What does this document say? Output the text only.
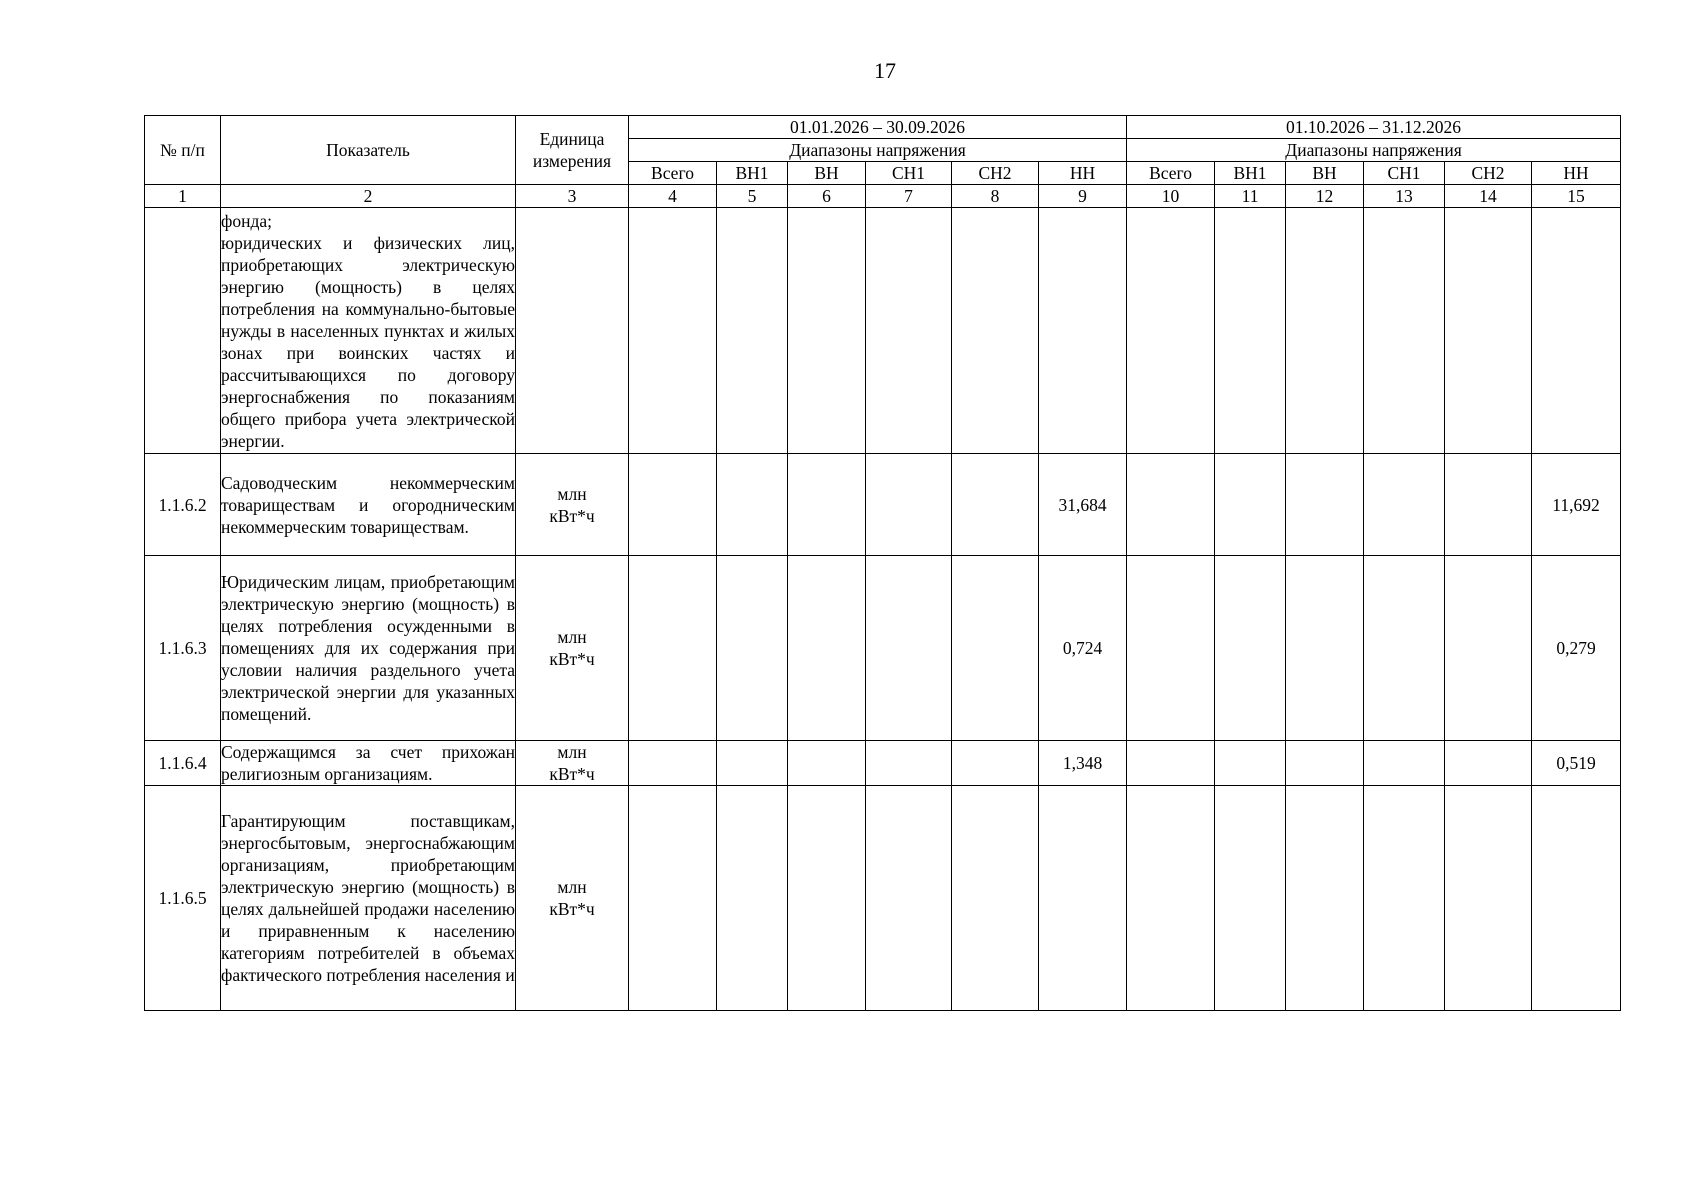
17
№ п/п	Показатель	Единица измерения	01.01.2026 – 30.09.2026						01.10.2026 – 31.12.2026					
			Диапазоны напряжения						Диапазоны напряжения					
			Всего	ВН1	ВН	СН1	СН2	НН	Всего	ВН1	ВН	СН1	СН2	НН
1	2	3	4	5	6	7	8	9	10	11	12	13	14	15

	фонда;
юридических и физических лиц, приобретающих электрическую энергию (мощность) в целях потребления на коммунально-бытовые нужды в населенных пунктах и жилых зонах при воинских частях и рассчитывающихся по договору энергоснабжения по показаниям общего прибора учета электрической энергии.													

1.1.6.2	Садоводческим некоммерческим товариществам и огородническим некоммерческим товариществам.	млн
кВт*ч						31,684						11,692
1.1.6.3	Юридическим лицам, приобретающим электрическую энергию (мощность) в целях потребления осужденными в помещениях для их содержания при условии наличия раздельного учета электрической энергии для указанных помещений.	млн
кВт*ч						0,724						0,279
1.1.6.4	Содержащимся за счет прихожан религиозным организациям.	млн
кВт*ч						1,348						0,519
1.1.6.5	Гарантирующим поставщикам, энергосбытовым, энергоснабжающим организациям, приобретающим электрическую энергию (мощность) в целях дальнейшей продажи населению и приравненным к населению категориям потребителей в объемах фактического потребления населения и	млн
кВт*ч												
